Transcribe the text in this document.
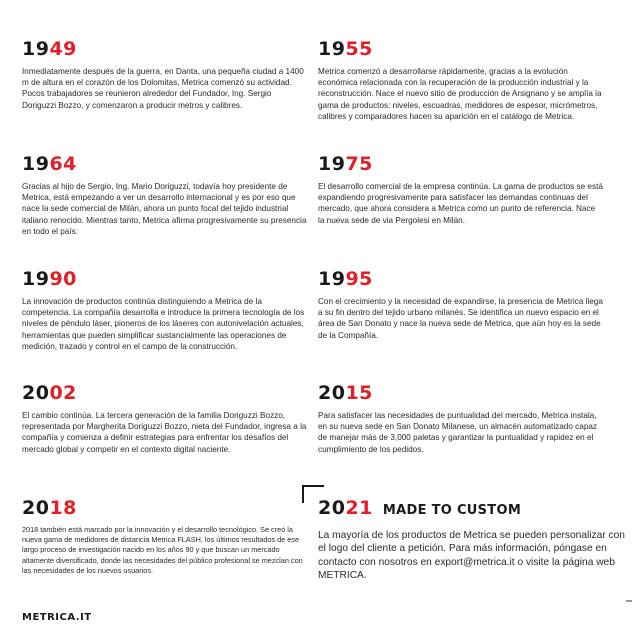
1949

Inmediatamente después de la guerra, en Danta, una pequeña ciudad a 1400 m de altura en el corazón de los Dolomitas, Metrica comenzó su actividad. Pocos trabajadores se reunieron alrededor del Fundador, Ing. Sergio Doriguzzi Bozzo, y comenzaron a producir metros y calibres.

1955

Metrica comenzó a desarrollarse rápidamente, gracias a la evolución económica relacionada con la recuperación de la producción industrial y la reconstrucción. Nace el nuevo sitio de producción de Arsignano y se amplía la gama de productos: niveles, escuadras, medidores de espesor, micrómetros, calibres y comparadores hacen su aparición en el catálogo de Metrica.

1964

Gracias al hijo de Sergio, Ing. Mario Doriguzzi, todavía hoy presidente de Metrica, está empezando a ver un desarrollo internacional y es por eso que nace la sede comercial de Milán, ahora un punto focal del tejido industrial italiano renocido. Mientras tanto, Metrica afirma progresivamente su presencia en todo el país.

1975

El desarrollo comercial de la empresa continúa. La gama de productos se está expandiendo progresivamente para satisfacer las demandas continuas del mercado, que ahora considera a Metrica como un punto de referencia. Nace la nueva sede de via Pergolesi en Milán.

1990

La innovación de productos continúa distinguiendo a Metrica de la competencia. La compañía desarrolla e introduce la primera tecnología de los niveles de péndulo láser, pioneros de los láseres con autonivelación actuales, herramientas que pueden simplificar sustancialmente las operaciones de medición, trazado y control en el campo de la construcción.

1995

Con el crecimiento y la necesidad de expandirse, la presencia de Metrica llega a su fin dentro del tejido urbano milanés. Se identifica un nuevo espacio en el área de San Donato y nace la nueva sede de Metrica, que aún hoy es la sede de la Compañía.

2002

El cambio continúa. La tercera generación de la familia Doriguzzi Bozzo, representada por Margherita Doriguzzi Bozzo, nieta del Fundador, ingresa a la compañía y comienza a definir estrategias para enfrentar los desafíos del mercado global y competir en el contexto digital naciente.

2015

Para satisfacer las necesidades de puntualidad del mercado, Metrica instala, en su nueva sede en San Donato Milanese, un almacén automatizado capaz de manejar más de 3,000 paletas y garantizar la puntualidad y rapidez en el cumplimiento de los pedidos.

2018

2018 también está marcado por la innovación y el desarrollo tecnológico. Se creó la nueva gama de medidores de distancia Metrica FLASH, los últimos resultados de ese largo proceso de investigación nacido en los años 90 y que buscan un mercado altamente diversificado, donde las necesidades del público profesional se mezclan con las necesidades de los nuevos usuarios.

2021 MADE TO CUSTOM

La mayoría de los productos de Metrica se pueden personalizar con el logo del cliente a petición. Para más información, póngase en contacto con nosotros en export@metrica.it o visite la página web METRICA.

METRICA.IT
